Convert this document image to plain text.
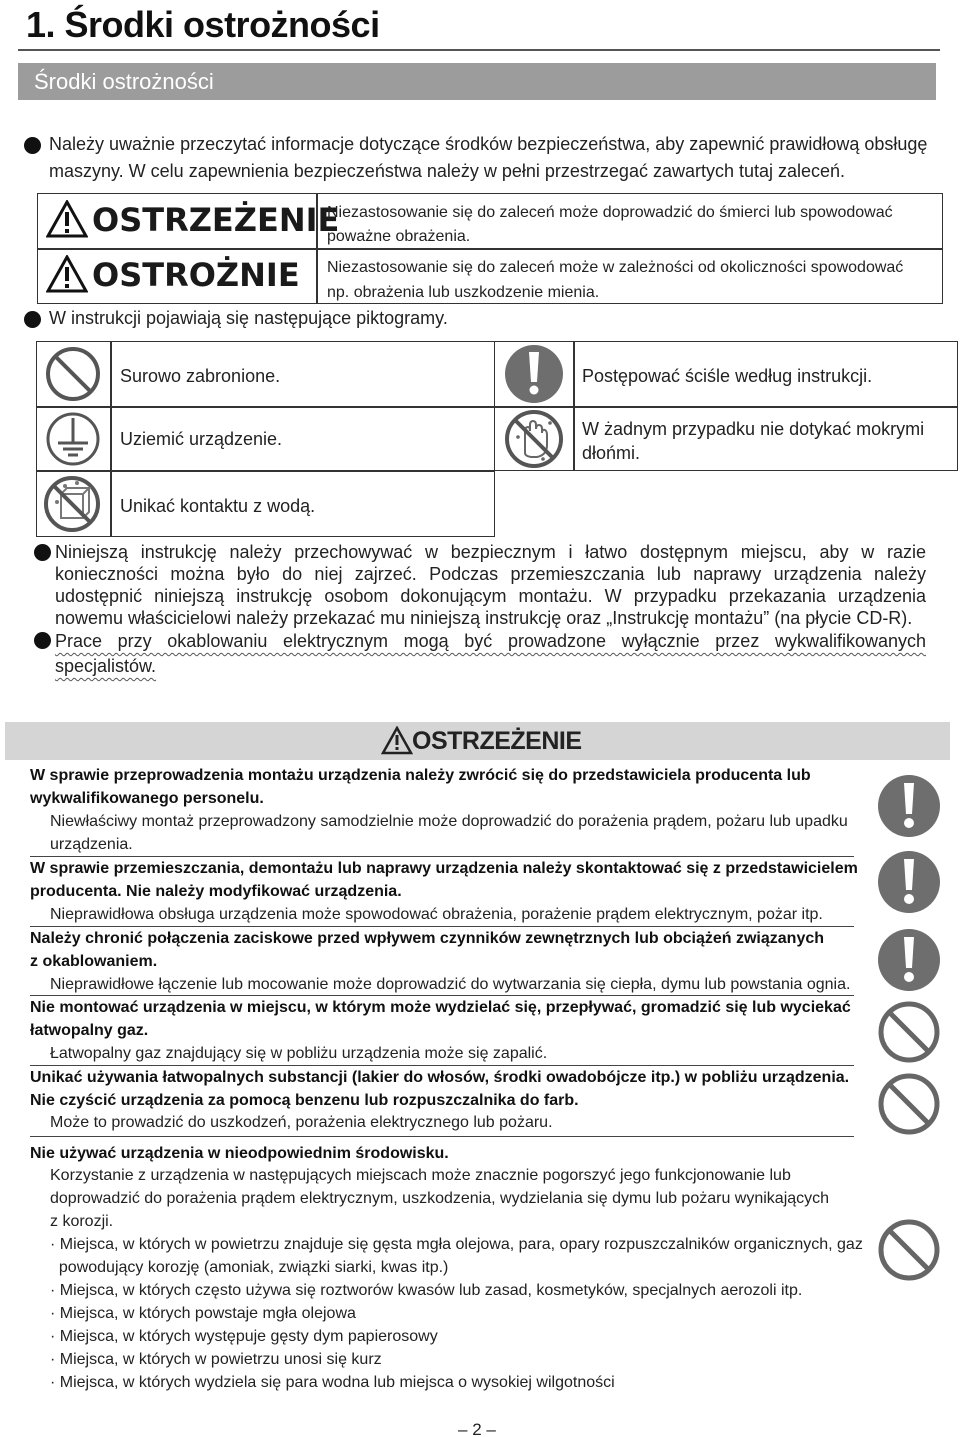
1. Środki ostrożności
Środki ostrożności
Należy uważnie przeczytać informacje dotyczące środków bezpieczeństwa, aby zapewnić prawidłową obsługę
maszyny. W celu zapewnienia bezpieczeństwa należy w pełni przestrzegać zawartych tutaj zaleceń.
OSTRZEŻENIE
Niezastosowanie się do zaleceń może doprowadzić do śmierci lub spowodować
poważne obrażenia.
OSTROŻNIE Niezastosowanie się do zaleceń może w zależności od okoliczności spowodować
np. obrażenia lub uszkodzenie mienia.
W instrukcji pojawiają się następujące piktogramy.
Surowo zabronione.
Uziemić urządzenie.
Unikać kontaktu z wodą.
Postępować ściśle według instrukcji.
W żadnym przypadku nie dotykać mokrymi
dłońmi.
Niniejszą instrukcję należy przechowywać w bezpiecznym i łatwo dostępnym miejscu, aby w razie
konieczności można było do niej zajrzeć. Podczas przemieszczania lub naprawy urządzenia należy
udostępnić niniejszą instrukcję osobom dokonującym montażu. W przypadku przekazania urządzenia
nowemu właścicielowi należy przekazać mu niniejszą instrukcję oraz „Instrukcję montażu” (na płycie CD-R).
Prace przy okablowaniu elektrycznym mogą być prowadzone wyłącznie przez wykwalifikowanych
specjalistów.
OSTRZEŻENIE
W sprawie przeprowadzenia montażu urządzenia należy zwrócić się do przedstawiciela producenta lub
wykwalifikowanego personelu.
Niewłaściwy montaż przeprowadzony samodzielnie może doprowadzić do porażenia prądem, pożaru lub upadku
urządzenia.
W sprawie przemieszczania, demontażu lub naprawy urządzenia należy skontaktować się z przedstawicielem
producenta. Nie należy modyfikować urządzenia.
Nieprawidłowa obsługa urządzenia może spowodować obrażenia, porażenie prądem elektrycznym, pożar itp.
Należy chronić połączenia zaciskowe przed wpływem czynników zewnętrznych lub obciążeń związanych
z okablowaniem.
Nieprawidłowe łączenie lub mocowanie może doprowadzić do wytwarzania się ciepła, dymu lub powstania ognia.
Nie montować urządzenia w miejscu, w którym może wydzielać się, przepływać, gromadzić się lub wyciekać
łatwopalny gaz.
Łatwopalny gaz znajdujący się w pobliżu urządzenia może się zapalić.
Unikać używania łatwopalnych substancji (lakier do włosów, środki owadobójcze itp.) w pobliżu urządzenia.
Nie czyścić urządzenia za pomocą benzenu lub rozpuszczalnika do farb.
Może to prowadzić do uszkodzeń, porażenia elektrycznego lub pożaru.
Nie używać urządzenia w nieodpowiednim środowisku.
Korzystanie z urządzenia w następujących miejscach może znacznie pogorszyć jego funkcjonowanie lub
doprowadzić do porażenia prądem elektrycznym, uszkodzenia, wydzielania się dymu lub pożaru wynikających
z korozji.
· Miejsca, w których w powietrzu znajduje się gęsta mgła olejowa, para, opary rozpuszczalników organicznych, gaz
powodujący korozję (amoniak, związki siarki, kwas itp.)
· Miejsca, w których często używa się roztworów kwasów lub zasad, kosmetyków, specjalnych aerozoli itp.
· Miejsca, w których powstaje mgła olejowa
· Miejsca, w których występuje gęsty dym papierosowy
· Miejsca, w których w powietrzu unosi się kurz
· Miejsca, w których wydziela się para wodna lub miejsca o wysokiej wilgotności
– 2 –
